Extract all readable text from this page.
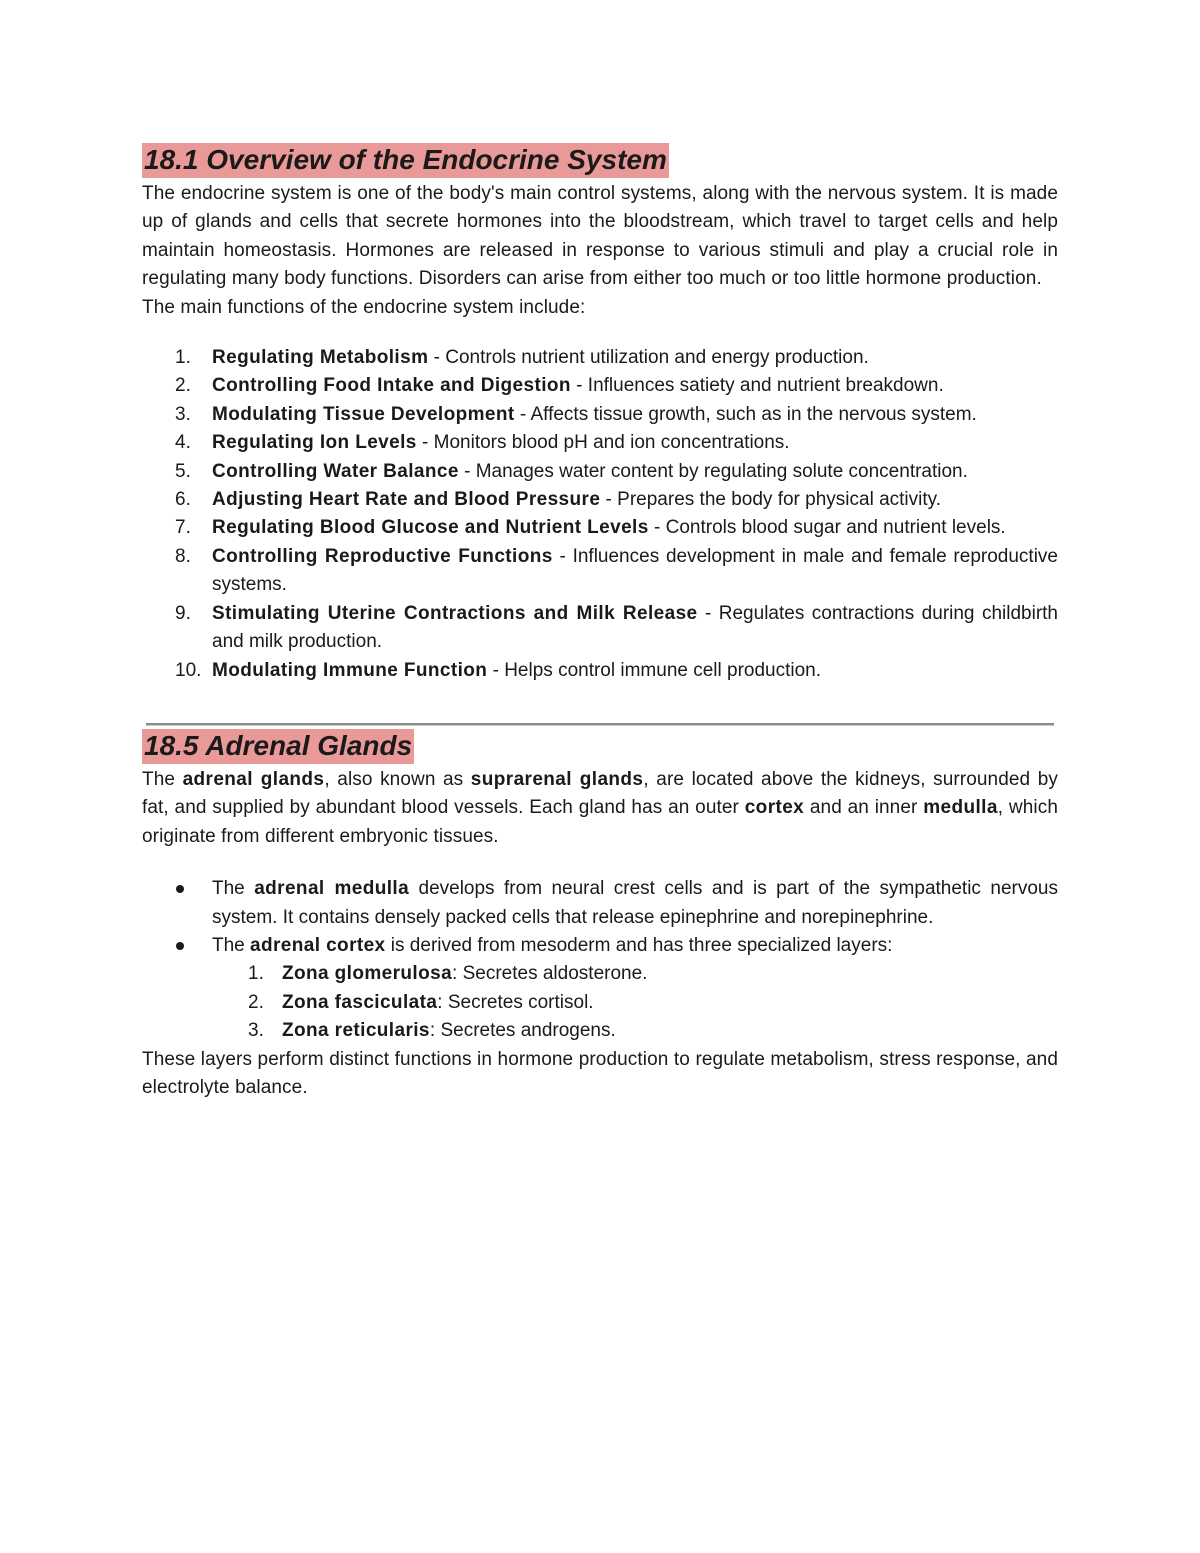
18.1 Overview of the Endocrine System

The endocrine system is one of the body's main control systems, along with the nervous system. It is made up of glands and cells that secrete hormones into the bloodstream, which travel to target cells and help maintain homeostasis. Hormones are released in response to various stimuli and play a crucial role in regulating many body functions. Disorders can arise from either too much or too little hormone production.

The main functions of the endocrine system include:

1. Regulating Metabolism - Controls nutrient utilization and energy production.
2. Controlling Food Intake and Digestion - Influences satiety and nutrient breakdown.
3. Modulating Tissue Development - Affects tissue growth, such as in the nervous system.
4. Regulating Ion Levels - Monitors blood pH and ion concentrations.
5. Controlling Water Balance - Manages water content by regulating solute concentration.
6. Adjusting Heart Rate and Blood Pressure - Prepares the body for physical activity.
7. Regulating Blood Glucose and Nutrient Levels - Controls blood sugar and nutrient levels.
8. Controlling Reproductive Functions - Influences development in male and female reproductive systems.
9. Stimulating Uterine Contractions and Milk Release - Regulates contractions during childbirth and milk production.
10. Modulating Immune Function - Helps control immune cell production.
18.5 Adrenal Glands

The adrenal glands, also known as suprarenal glands, are located above the kidneys, surrounded by fat, and supplied by abundant blood vessels. Each gland has an outer cortex and an inner medulla, which originate from different embryonic tissues.

The adrenal medulla develops from neural crest cells and is part of the sympathetic nervous system. It contains densely packed cells that release epinephrine and norepinephrine.
The adrenal cortex is derived from mesoderm and has three specialized layers:
1. Zona glomerulosa: Secretes aldosterone.
2. Zona fasciculata: Secretes cortisol.
3. Zona reticularis: Secretes androgens.

These layers perform distinct functions in hormone production to regulate metabolism, stress response, and electrolyte balance.
